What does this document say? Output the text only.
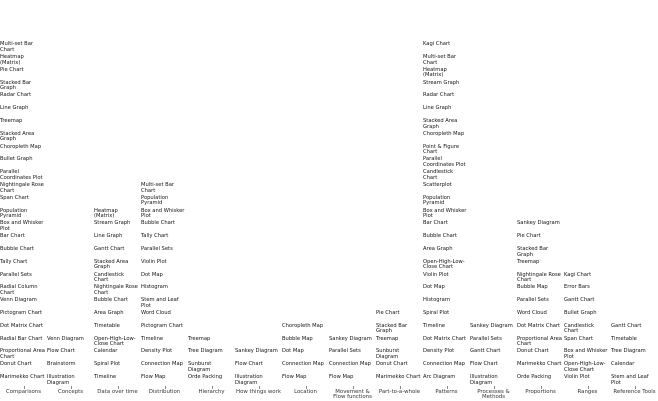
Marimekko Chart
Donut Chart
Proportional Area Chart
Radial Bar Chart
Dot Matrix Chart
Pictogram Chart
Venn Diagram
Radial Column Chart
Parallel Sets
Tally Chart
Bubble Chart
Bar Chart
Box and Whisker Plot
Population Pyramid
Span Chart
Nightingale Rose Chart
Parallel Coordinates Plot
Bullet Graph
Choropleth Map
Stacked Area Graph
Treemap
Line Graph
Radar Chart
Stacked Bar Graph
Pie Chart
Heatmap (Matrix)
Multi-set Bar Chart
Comparisons
Illustration Diagram
Brainstorm
Flow Chart
Venn Diagram
Concepts
Timeline
Spiral Plot
Calendar
Open-High-Low-Close Chart
Timetable
Area Graph
Bubble Chart
Nightingale Rose Chart
Candlestick Chart
Stacked Area Graph
Gantt Chart
Line Graph
Stream Graph
Heatmap (Matrix)
Data over time
Flow Map
Connection Map
Density Plot
Timeline
Pictogram Chart
Word Cloud
Stem and Leaf Plot
Histogram
Dot Map
Violin Plot
Parallel Sets
Tally Chart
Bubble Chart
Box and Whisker Plot
Population Pyramid
Multi-set Bar Chart
Distribution
Orde Packing
Sunburst Diagram
Tree Diagram
Treemap
Hierarchy
Illustration Diagram
Flow Chart
Sankey Diagram
How things work
Flow Map
Connection Map
Dot Map
Bubble Map
Choropleth Map
Location
Flow Map
Connection Map
Parallel Sets
Sankey Diagram
Movement & Flow functions
Marimekko Chart
Donut Chart
Sunburst Diagram
Treemap
Stacked Bar Graph
Pie Chart
Part-to-a-whole
Arc Diagram
Connection Map
Density Plot
Dot Matrix Chart
Timeline
Spiral Plot
Histogram
Dot Map
Violin Plot
Open-High-Low-Close Chart
Area Graph
Bubble Chart
Bar Chart
Box and Whisker Plot
Population Pyramid
Scatterplot
Candlestick Chart
Parallel Coordinates Plot
Point & Figure Chart
Choropleth Map
Stacked Area Graph
Line Graph
Radar Chart
Stream Graph
Heatmap (Matrix)
Multi-set Bar Chart
Kagi Chart
Patterns
Illustration Diagram
Flow Chart
Gantt Chart
Parallel Sets
Sankey Diagram
Processes & Methods
Orde Packing
Marimekko Chart
Donut Chart
Proportional Area Chart
Dot Matrix Chart
Word Cloud
Parallel Sets
Bubble Map
Nightingale Rose Chart
Treemap
Stacked Bar Graph
Pie Chart
Sankey Diagram
Proportions
Violin Plot
Open-High-Low-Close Chart
Box and Whisker Plot
Span Chart
Candlestick Chart
Bullet Graph
Gantt Chart
Error Bars
Kagi Chart
Ranges
Stem and Leaf Plot
Calendar
Tree Diagram
Timetable
Gantt Chart
Reference Tools
